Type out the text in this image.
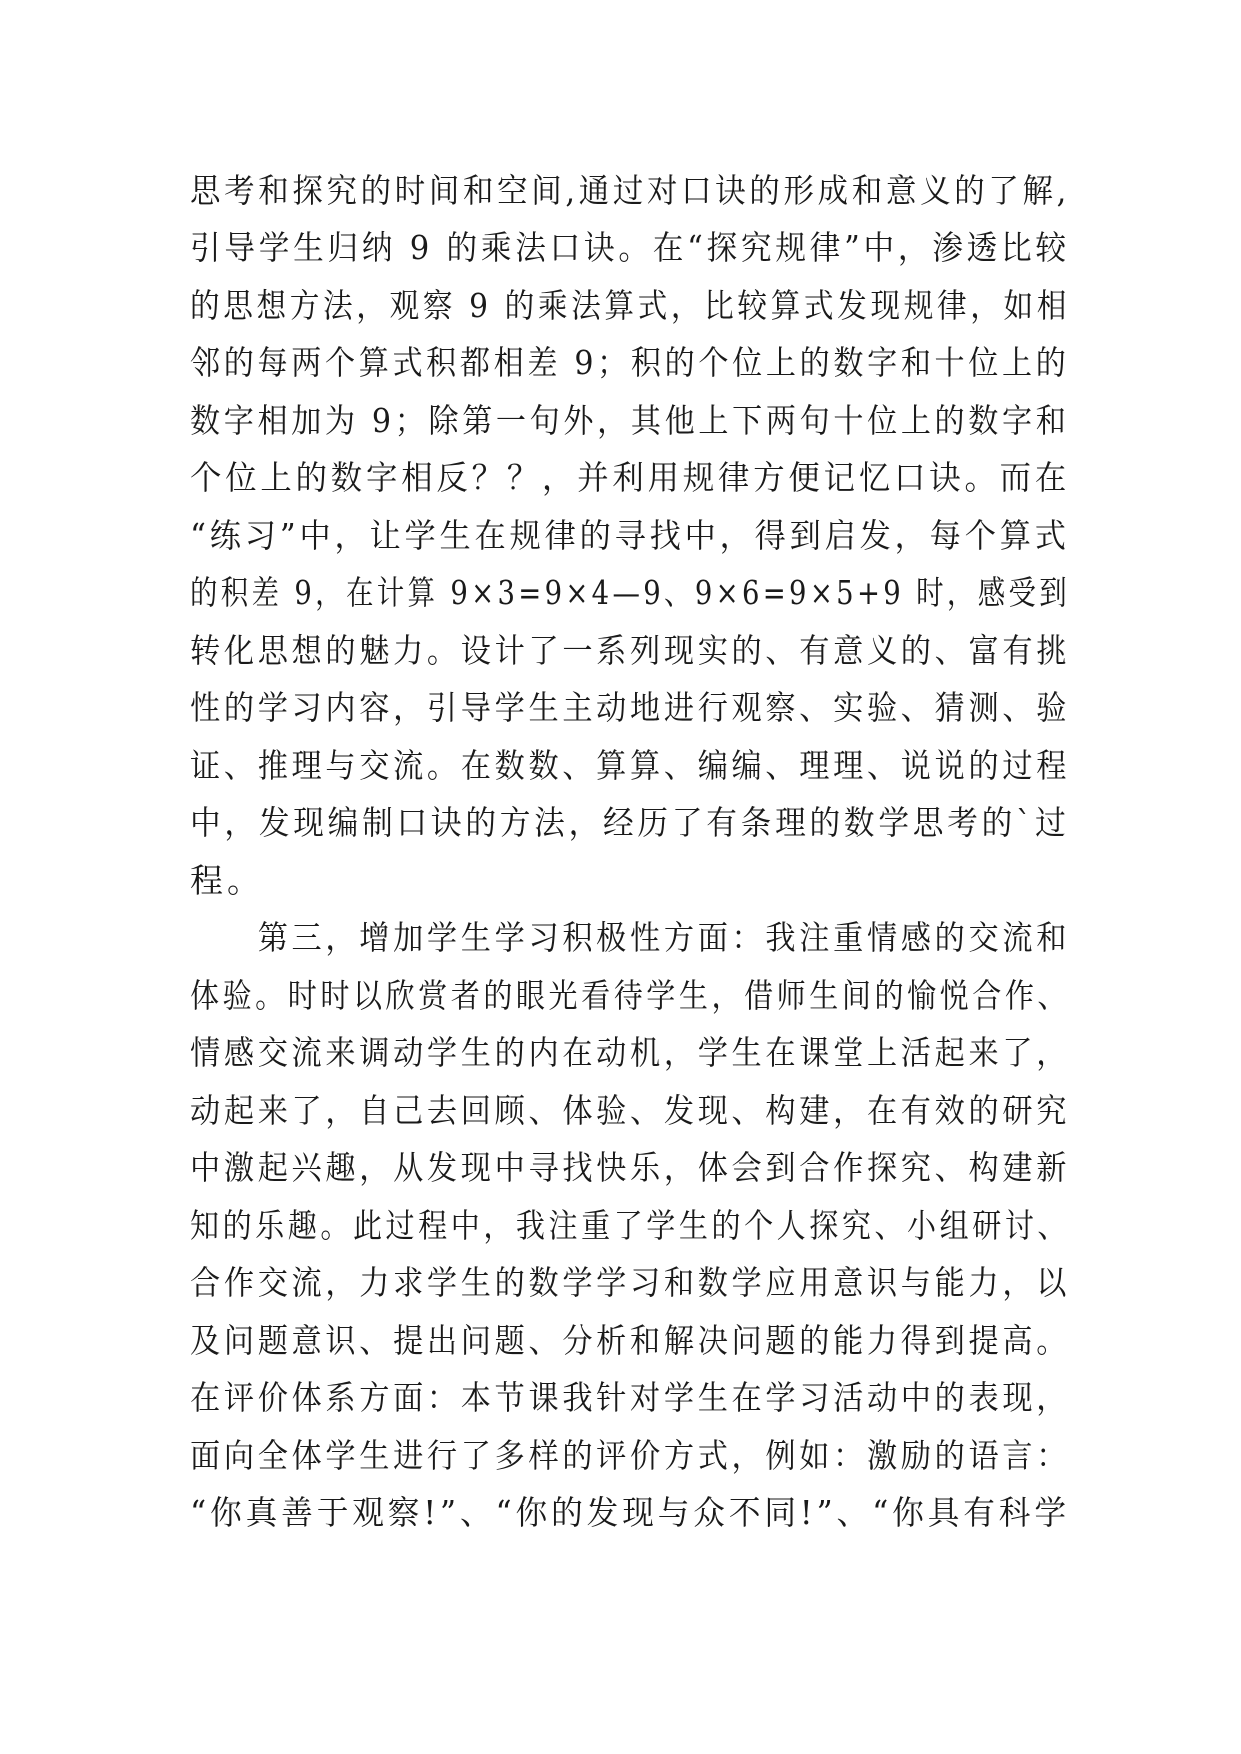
思考和探究的时间和空间,通过对口诀的形成和意义的了解,
引导学生归纳 9 的乘法口诀。在“探究规律”中，渗透比较
的思想方法，观察 9 的乘法算式，比较算式发现规律，如相
邻的每两个算式积都相差 9；积的个位上的数字和十位上的
数字相加为 9；除第一句外，其他上下两句十位上的数字和
个位上的数字相反？？，并利用规律方便记忆口诀。而在
“练习”中，让学生在规律的寻找中，得到启发，每个算式
的积差 9，在计算 9×3=9×4—9、9×6=9×5+9 时，感受到
转化思想的魅力。设计了一系列现实的、有意义的、富有挑
性的学习内容，引导学生主动地进行观察、实验、猜测、验
证、推理与交流。在数数、算算、编编、理理、说说的过程
中，发现编制口诀的方法，经历了有条理的数学思考的`过
程。
　　第三，增加学生学习积极性方面：我注重情感的交流和
体验。时时以欣赏者的眼光看待学生，借师生间的愉悦合作、
情感交流来调动学生的内在动机，学生在课堂上活起来了，
动起来了，自己去回顾、体验、发现、构建，在有效的研究
中激起兴趣，从发现中寻找快乐，体会到合作探究、构建新
知的乐趣。此过程中，我注重了学生的个人探究、小组研讨、
合作交流，力求学生的数学学习和数学应用意识与能力，以
及问题意识、提出问题、分析和解决问题的能力得到提高。
在评价体系方面：本节课我针对学生在学习活动中的表现，
面向全体学生进行了多样的评价方式，例如：激励的语言：
“你真善于观察!”、“你的发现与众不同!”、“你具有科学
